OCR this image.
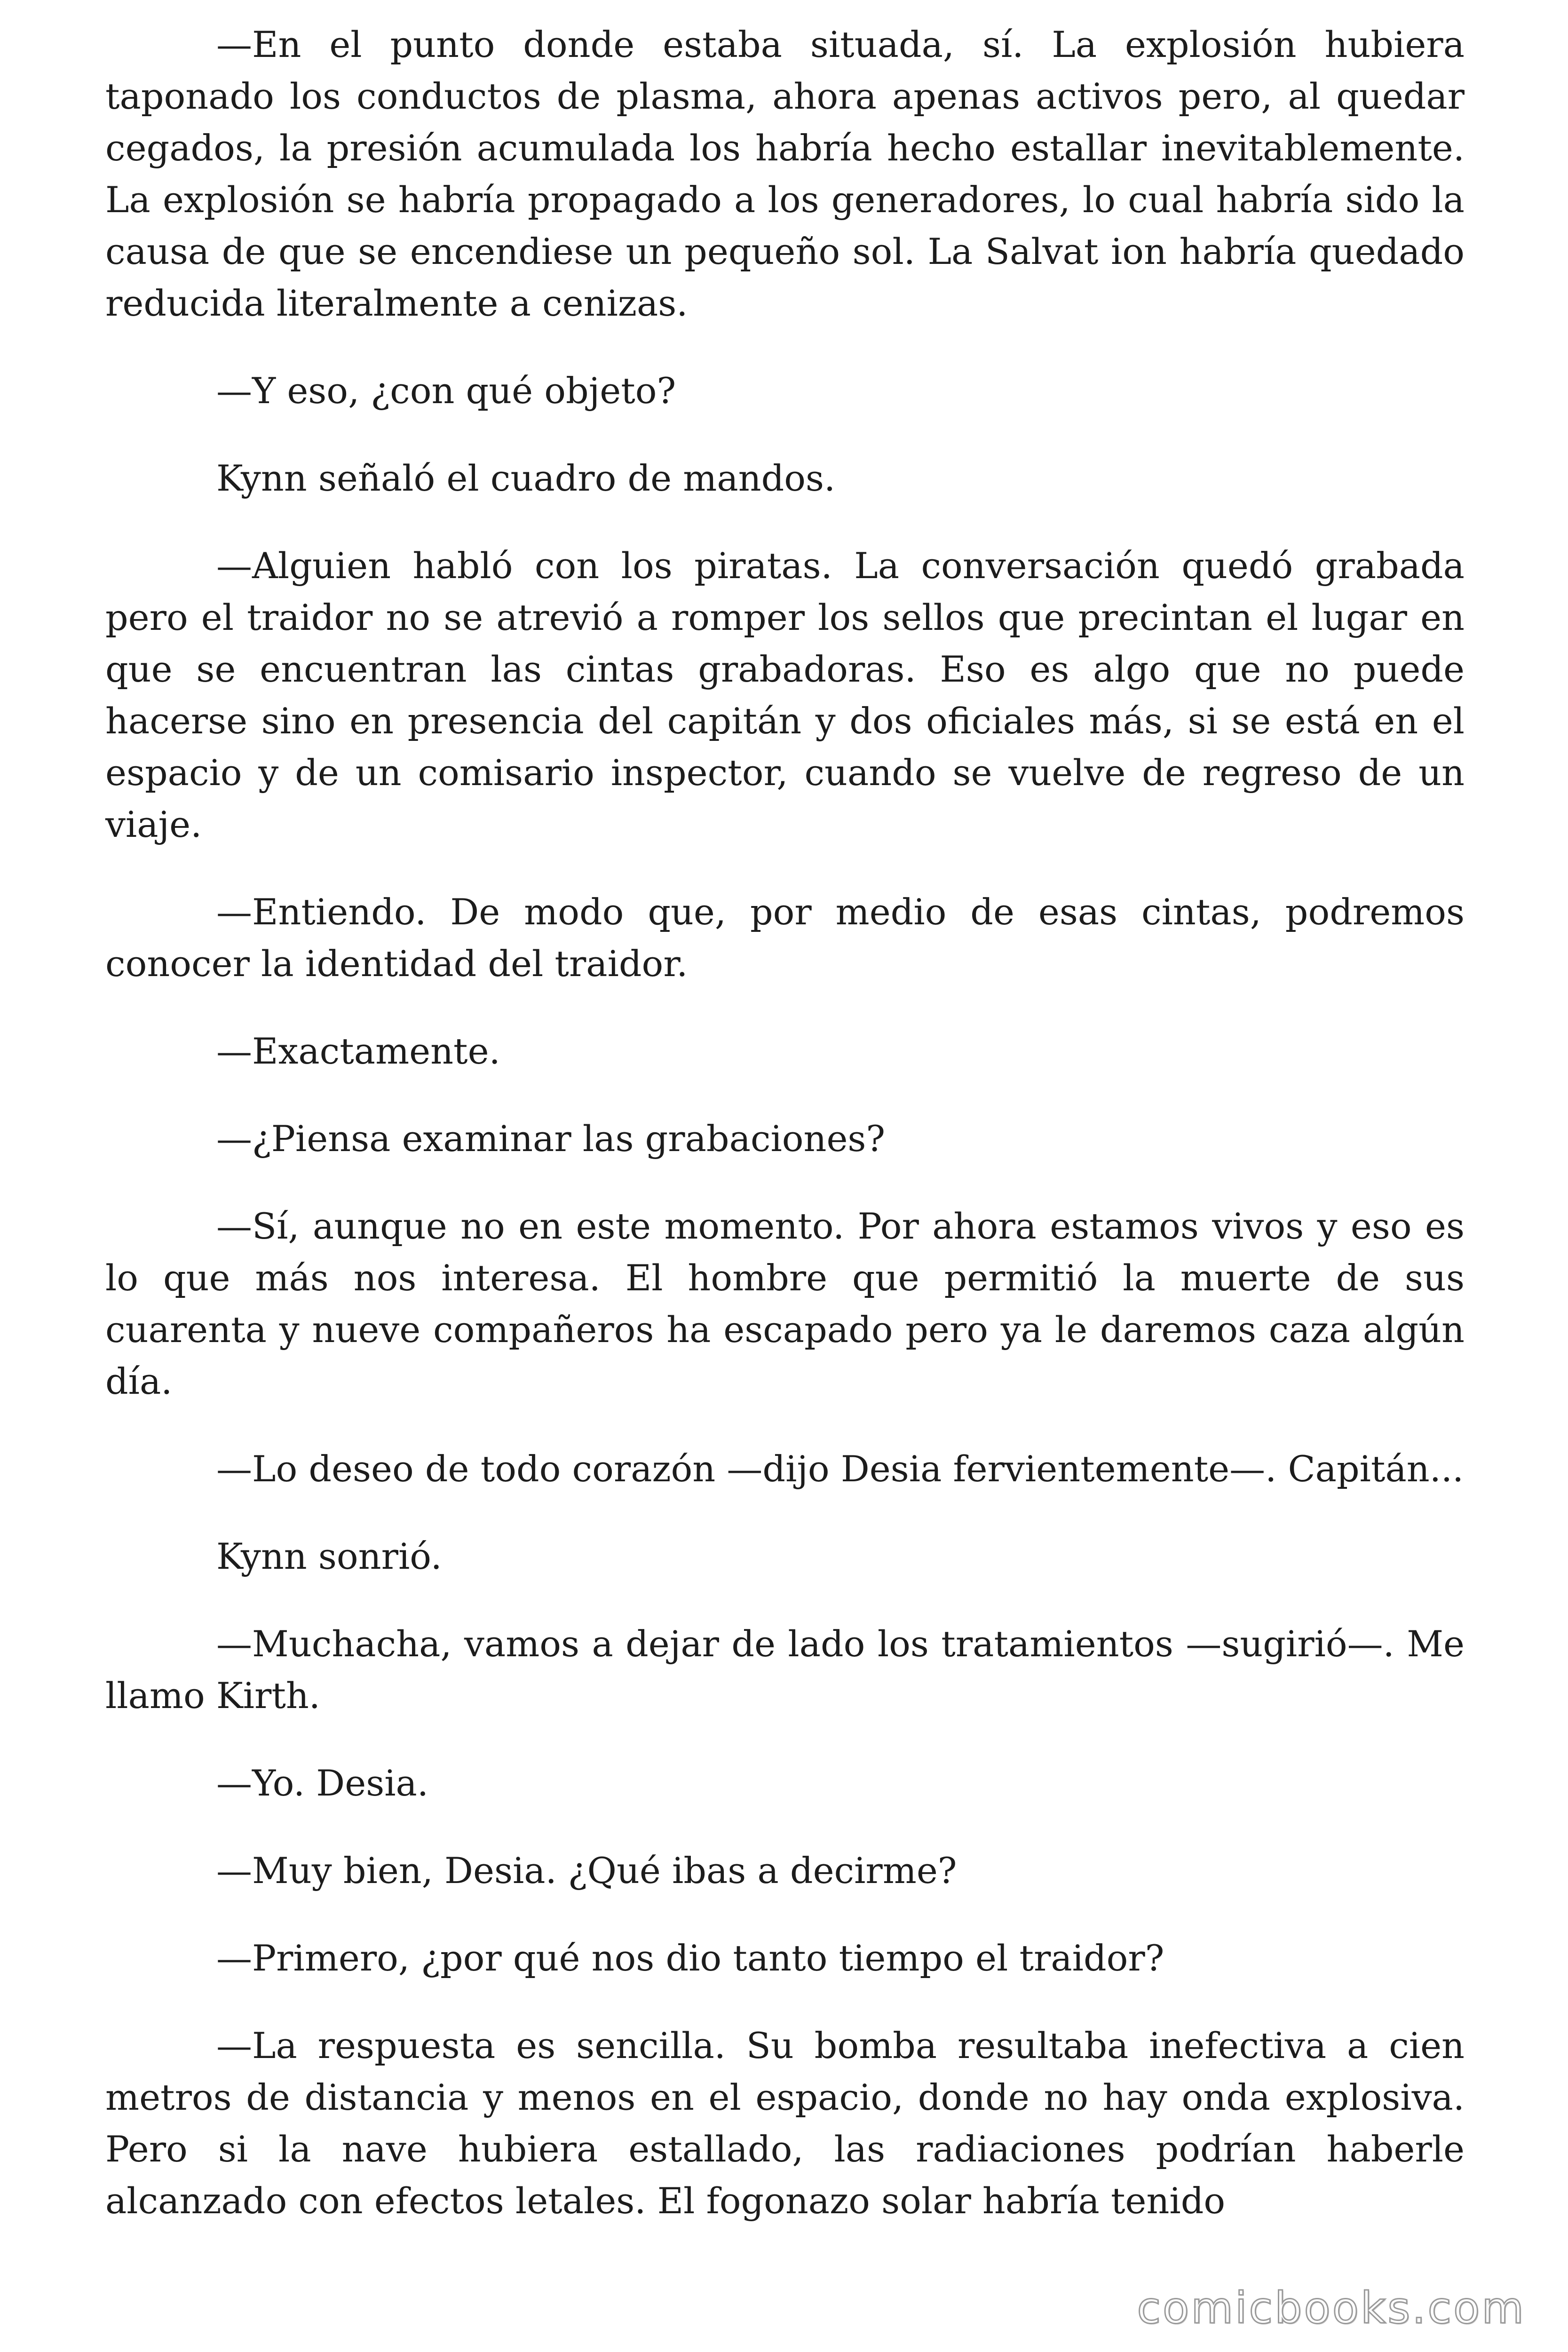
—En el punto donde estaba situada, sí. La explosión hubiera taponado los conductos de plasma, ahora apenas activos pero, al quedar cegados, la presión acumulada los habría hecho estallar inevitablemente. La explosión se habría propagado a los generadores, lo cual habría sido la causa de que se encendiese un pequeño sol. La Salvat ion habría quedado reducida literalmente a cenizas.

—Y eso, ¿con qué objeto?

Kynn señaló el cuadro de mandos.

—Alguien habló con los piratas. La conversación quedó grabada pero el traidor no se atrevió a romper los sellos que precintan el lugar en que se encuentran las cintas grabadoras. Eso es algo que no puede hacerse sino en presencia del capitán y dos oficiales más, si se está en el espacio y de un comisario inspector, cuando se vuelve de regreso de un viaje.

—Entiendo. De modo que, por medio de esas cintas, podremos conocer la identidad del traidor.

—Exactamente.

—¿Piensa examinar las grabaciones?

—Sí, aunque no en este momento. Por ahora estamos vivos y eso es lo que más nos interesa. El hombre que permitió la muerte de sus cuarenta y nueve compañeros ha escapado pero ya le daremos caza algún día.

—Lo deseo de todo corazón —dijo Desia fervientemente—. Capitán...

Kynn sonrió.

—Muchacha, vamos a dejar de lado los tratamientos —sugirió—. Me llamo Kirth.

—Yo. Desia.

—Muy bien, Desia. ¿Qué ibas a decirme?

—Primero, ¿por qué nos dio tanto tiempo el traidor?

—La respuesta es sencilla. Su bomba resultaba inefectiva a cien metros de distancia y menos en el espacio, donde no hay onda explosiva. Pero si la nave hubiera estallado, las radiaciones podrían haberle alcanzado con efectos letales. El fogonazo solar habría tenido

comicbooks.com
